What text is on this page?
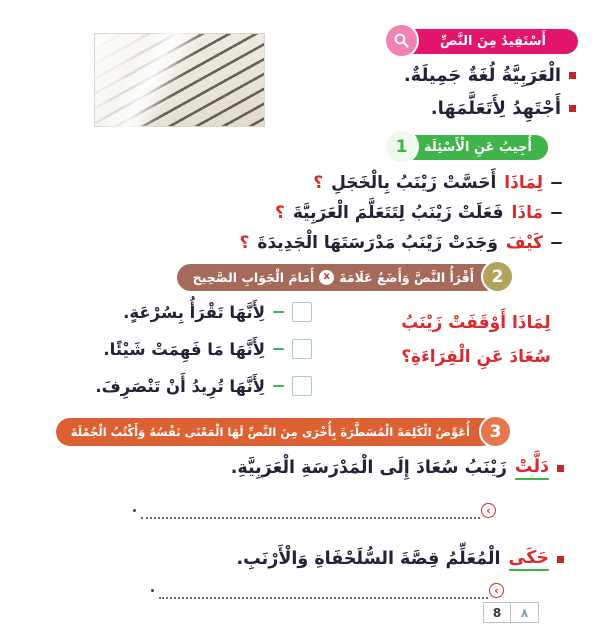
أَسْتَفِيدُ مِنَ النَّصِّ
الْعَرَبِيَّةُ لُغَةٌ جَمِيلَةٌ.
أَجْتَهِدُ لِأَتَعَلَّمَهَا.
1	أُجِيبُ عَنِ الْأَسْئِلَة
لِمَاذَا
أَحَسَّتْ زَيْنَبُ بِالْخَجَلِ
؟
مَاذَا
فَعَلَتْ زَيْنَبُ لِتَتَعَلَّمَ الْعَرَبِيَّةَ
؟
كَيْفَ
وَجَدَتْ زَيْنَبُ مَدْرَسَتَهَا الْجَدِيدَةَ
؟
أَقْرَأُ النَّصَّ وَأَضَعُ عَلَامَةَ
x
أَمَامَ الْجَوَابِ الصَّحِيح	2
لِمَاذَا أَوْقَفَتْ زَيْنَبُ
سُعَادَ عَنِ الْقِرَاءَةِ؟
لِأَنَّهَا تَقْرَأُ بِسُرْعَةٍ.
لِأَنَّهَا مَا فَهِمَتْ شَيْئًا.
لِأَنَّهَا تُرِيدُ أَنْ تَنْصَرِفَ.
أُعَوِّضُ الْكَلِمَةَ الْمُسَطَّرَةَ بِأُخْرَى مِنَ النَّصِّ لَهَا الْمَعْنَى نَفْسُهُ وَأَكْتُبُ الْجُمْلَةَ	3
دَلَّتْ
زَيْنَبُ سُعَادَ إِلَى الْمَدْرَسَةِ الْعَرَبِيَّةِ.
‹
حَكَى
الْمُعَلِّمُ قِصَّةَ السُّلَحْفَاةِ وَالْأَرْنَبِ.
‹
8	٨
